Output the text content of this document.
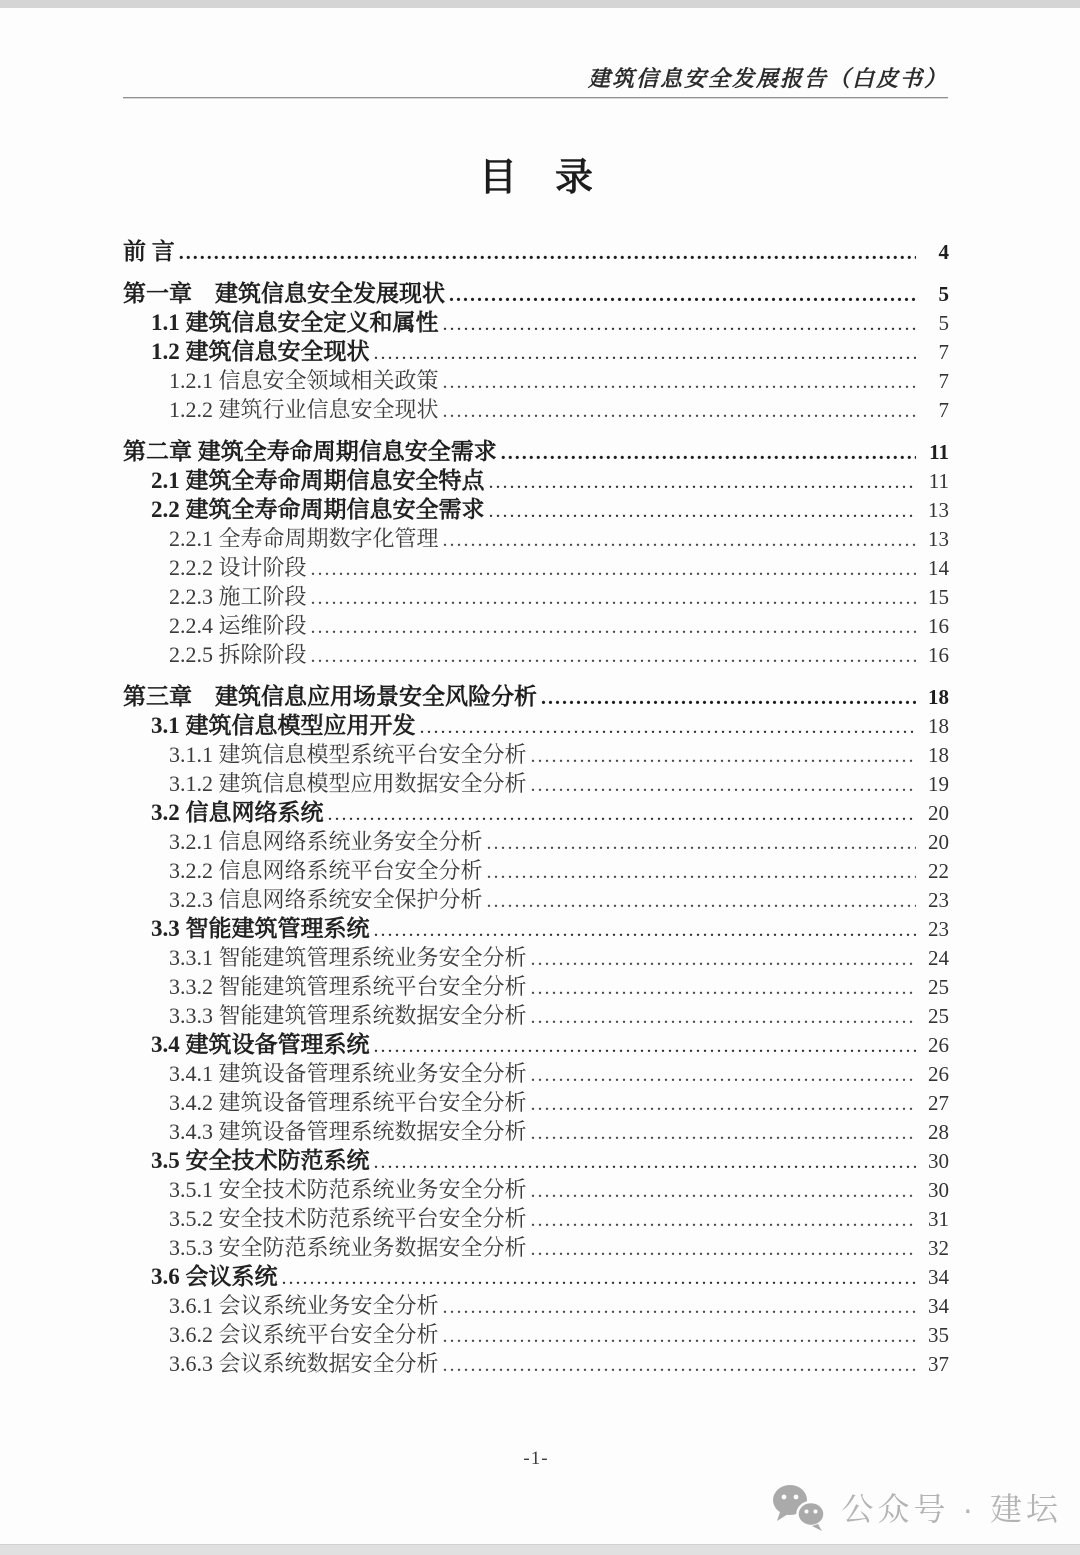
建筑信息安全发展报告（白皮书）
目　录
前 言 .....	4
第一章　建筑信息安全发展现状 .....	5
1.1 建筑信息安全定义和属性 .....	5
1.2 建筑信息安全现状 .....	7
1.2.1 信息安全领域相关政策 .....	7
1.2.2 建筑行业信息安全现状 .....	7
第二章 建筑全寿命周期信息安全需求 .....	11
2.1 建筑全寿命周期信息安全特点 .....	11
2.2 建筑全寿命周期信息安全需求 .....	13
2.2.1 全寿命周期数字化管理 .....	13
2.2.2 设计阶段 .....	14
2.2.3 施工阶段 .....	15
2.2.4 运维阶段 .....	16
2.2.5 拆除阶段 .....	16
第三章　建筑信息应用场景安全风险分析 .....	18
3.1 建筑信息模型应用开发 .....	18
3.1.1 建筑信息模型系统平台安全分析 .....	18
3.1.2 建筑信息模型应用数据安全分析 .....	19
3.2 信息网络系统 .....	20
3.2.1 信息网络系统业务安全分析 .....	20
3.2.2 信息网络系统平台安全分析 .....	22
3.2.3 信息网络系统安全保护分析 .....	23
3.3 智能建筑管理系统 .....	23
3.3.1 智能建筑管理系统业务安全分析 .....	24
3.3.2 智能建筑管理系统平台安全分析 .....	25
3.3.3 智能建筑管理系统数据安全分析 .....	25
3.4 建筑设备管理系统 .....	26
3.4.1 建筑设备管理系统业务安全分析 .....	26
3.4.2 建筑设备管理系统平台安全分析 .....	27
3.4.3 建筑设备管理系统数据安全分析 .....	28
3.5 安全技术防范系统 .....	30
3.5.1 安全技术防范系统业务安全分析 .....	30
3.5.2 安全技术防范系统平台安全分析 .....	31
3.5.3 安全防范系统业务数据安全分析 .....	32
3.6 会议系统 .....	34
3.6.1 会议系统业务安全分析 .....	34
3.6.2 会议系统平台安全分析 .....	35
3.6.3 会议系统数据安全分析 .....	37
-1-
公众号 · 建坛
